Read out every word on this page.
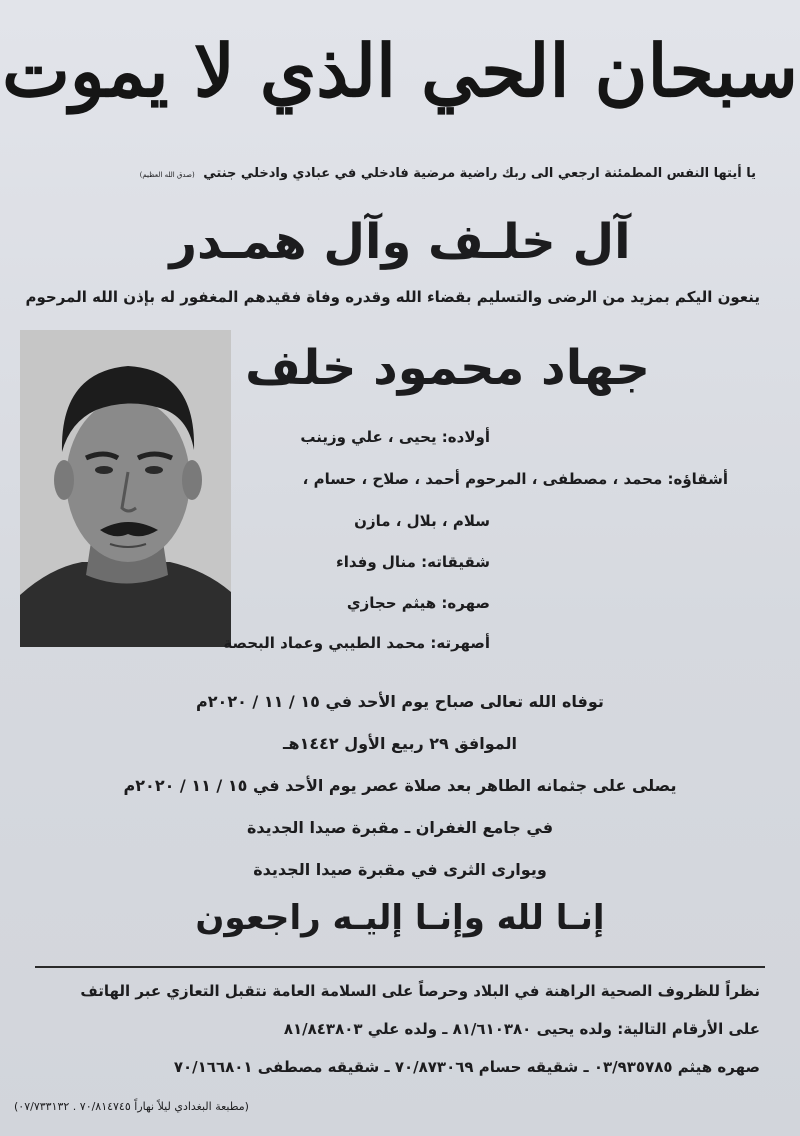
سبحان الحي الذي لا يموت
يا أيتها النفس المطمئنة ارجعي الى ربك راضية مرضية فادخلي في عبادي وادخلي جنتي (صدق الله العظيم)
آل خلـف وآل همـدر
ينعون اليكم بمزيد من الرضى والتسليم بقضاء الله وقدره وفاة فقيدهم المغفور له بإذن الله المرحوم
جهاد محمود خلف
أولاده: يحيى ، علي وزينب
أشقاؤه: محمد ، مصطفى ، المرحوم أحمد ، صلاح ، حسام ،
سلام ، بلال ، مازن
شقيقاته: منال وفداء
صهره: هيثم حجازي
أصهرته: محمد الطيبي وعماد البحصة
توفاه الله تعالى صباح يوم الأحد في ١٥ / ١١ / ٢٠٢٠م
الموافق ٢٩ ربيع الأول ١٤٤٢هـ
يصلى على جثمانه الطاهر بعد صلاة عصر يوم الأحد في ١٥ / ١١ / ٢٠٢٠م
في جامع الغفران ـ مقبرة صيدا الجديدة
ويوارى الثرى في مقبرة صيدا الجديدة
إنـا لله وإنـا إليـه راجعون
نظراً للظروف الصحية الراهنة في البلاد وحرصاً على السلامة العامة نتقبل التعازي عبر الهاتف
على الأرقام التالية: ولده يحيى ٨١/٦١٠٣٨٠ ـ ولده علي ٨١/٨٤٣٨٠٣
صهره هيثم ٠٣/٩٣٥٧٨٥ ـ شقيقه حسام ٧٠/٨٧٣٠٦٩ ـ شقيقه مصطفى ٧٠/١٦٦٨٠١
(مطبعة البغدادي ليلاً نهاراً ٧٠/٨١٤٧٤٥ . ٠٧/٧٣٣١٣٢)
